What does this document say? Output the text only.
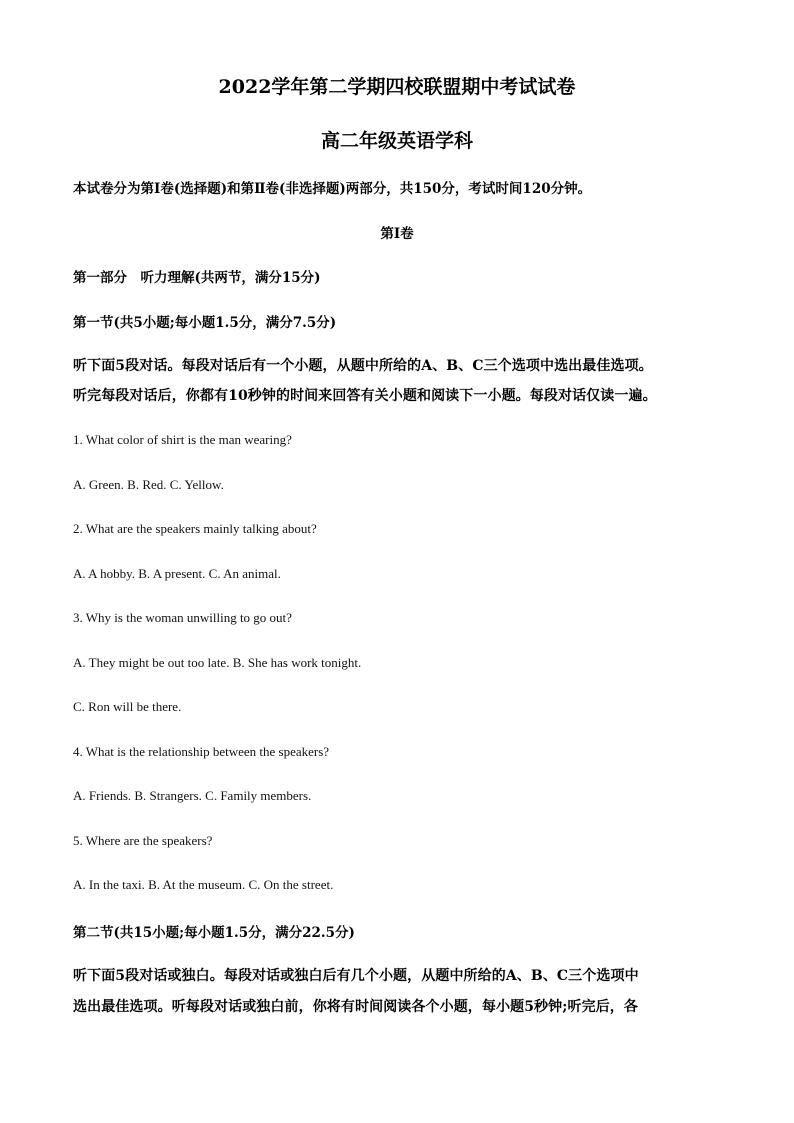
2022学年第二学期四校联盟期中考试试卷
高二年级英语学科
本试卷分为第Ⅰ卷(选择题)和第Ⅱ卷(非选择题)两部分，共150分，考试时间120分钟。
第Ⅰ卷
第一部分　听力理解(共两节，满分15分)
第一节(共5小题;每小题1.5分，满分7.5分)
听下面5段对话。每段对话后有一个小题，从题中所给的A、B、C三个选项中选出最佳选项。
听完每段对话后，你都有10秒钟的时间来回答有关小题和阅读下一小题。每段对话仅读一遍。
1. What color of shirt is the man wearing?
A. Green. B. Red. C. Yellow.
2. What are the speakers mainly talking about?
A. A hobby. B. A present. C. An animal.
3. Why is the woman unwilling to go out?
A. They might be out too late. B. She has work tonight.
C. Ron will be there.
4. What is the relationship between the speakers?
A. Friends. B. Strangers. C. Family members.
5. Where are the speakers?
A. In the taxi. B. At the museum. C. On the street.
第二节(共15小题;每小题1.5分，满分22.5分)
听下面5段对话或独白。每段对话或独白后有几个小题，从题中所给的A、B、C三个选项中
选出最佳选项。听每段对话或独白前，你将有时间阅读各个小题，每小题5秒钟;听完后，各
